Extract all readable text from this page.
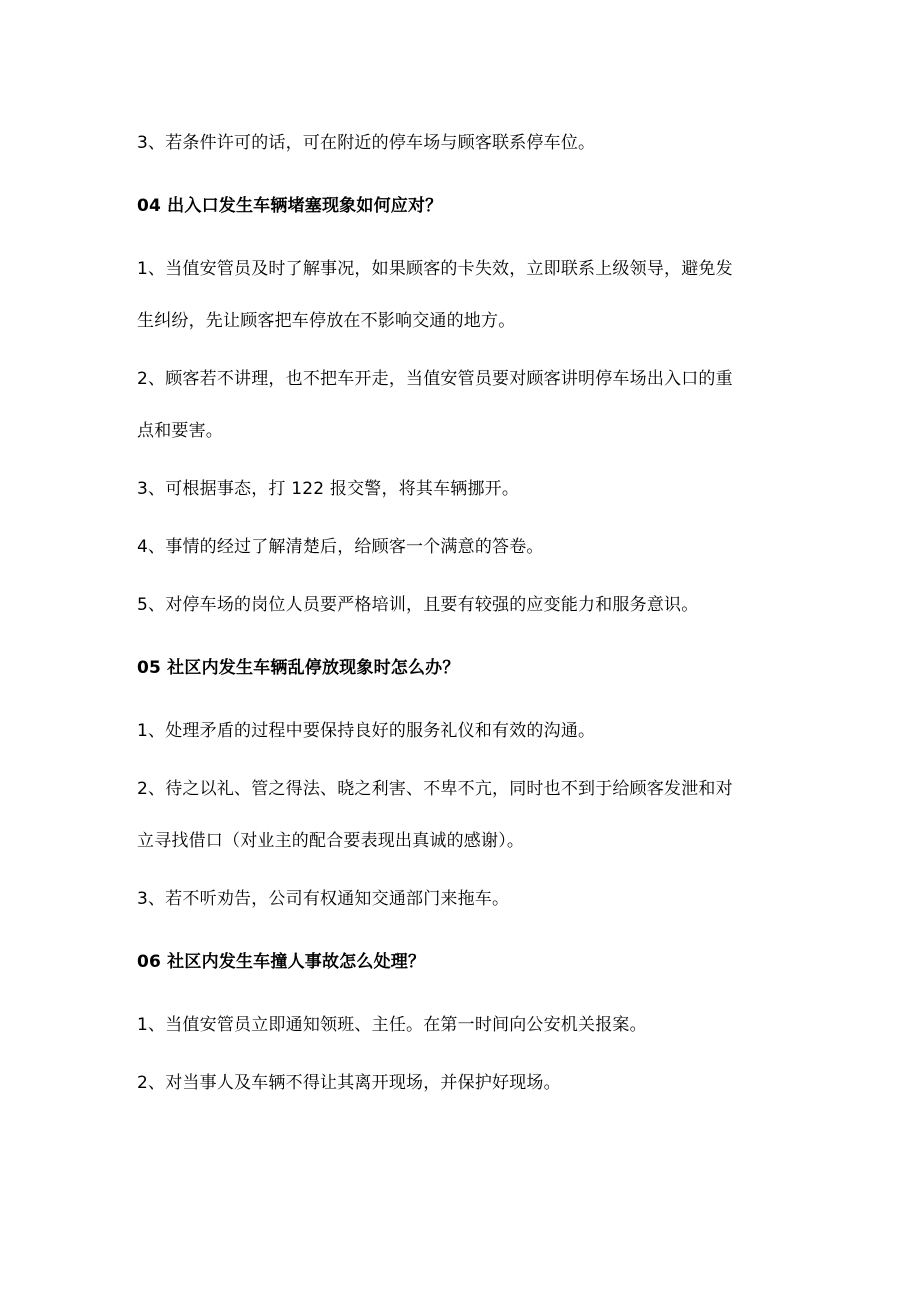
3、若条件许可的话，可在附近的停车场与顾客联系停车位。

04 出入口发生车辆堵塞现象如何应对？

1、当值安管员及时了解事况，如果顾客的卡失效，立即联系上级领导，避免发

生纠纷，先让顾客把车停放在不影响交通的地方。

2、顾客若不讲理，也不把车开走，当值安管员要对顾客讲明停车场出入口的重

点和要害。

3、可根据事态，打 122 报交警，将其车辆挪开。

4、事情的经过了解清楚后，给顾客一个满意的答卷。

5、对停车场的岗位人员要严格培训，且要有较强的应变能力和服务意识。

05 社区内发生车辆乱停放现象时怎么办？

1、处理矛盾的过程中要保持良好的服务礼仪和有效的沟通。

2、待之以礼、管之得法、晓之利害、不卑不亢，同时也不到于给顾客发泄和对

立寻找借口（对业主的配合要表现出真诚的感谢）。

3、若不听劝告，公司有权通知交通部门来拖车。

06 社区内发生车撞人事故怎么处理？

1、当值安管员立即通知领班、主任。在第一时间向公安机关报案。

2、对当事人及车辆不得让其离开现场，并保护好现场。
